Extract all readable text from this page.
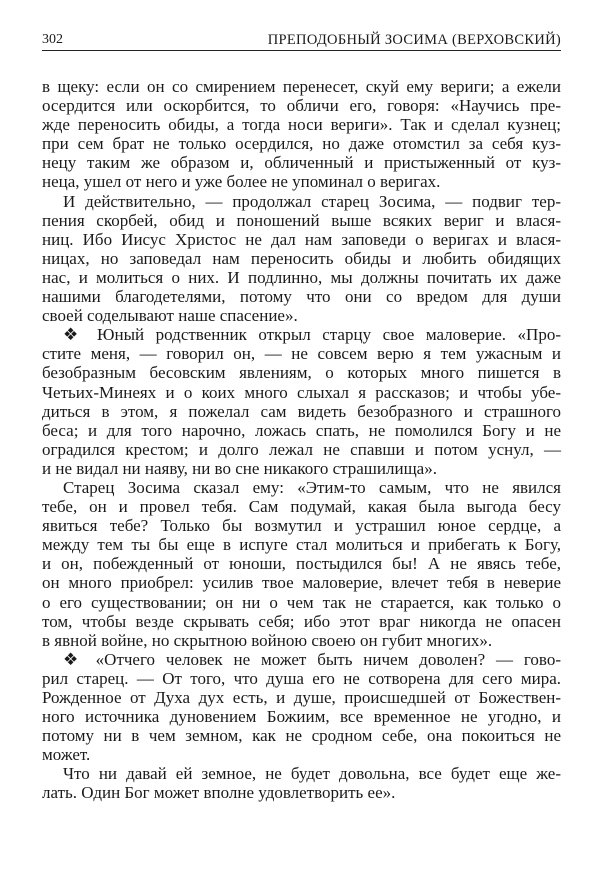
302	ПРЕПОДОБНЫЙ ЗОСИМА (ВЕРХОВСКИЙ)
в щеку: если он со смирением перенесет, скуй ему вериги; а ежели
осердится или оскорбится, то обличи его, говоря: «Научись пре-
жде переносить обиды, а тогда носи вериги». Так и сделал кузнец;
при сем брат не только осердился, но даже отомстил за себя куз-
нецу таким же образом и, обличенный и пристыженный от куз-
неца, ушел от него и уже более не упоминал о веригах.
И действительно, — продолжал старец Зосима, — подвиг тер-
пения скорбей, обид и поношений выше всяких вериг и влася-
ниц. Ибо Иисус Христос не дал нам заповеди о веригах и влася-
ницах, но заповедал нам переносить обиды и любить обидящих
нас, и молиться о них. И подлинно, мы должны почитать их даже
нашими благодетелями, потому что они со вредом для души
своей соделывают наше спасение».
❖ Юный родственник открыл старцу свое маловерие. «Про-
стите меня, — говорил он, — не совсем верю я тем ужасным и
безобразным бесовским явлениям, о которых много пишется в
Четьих-Минеях и о коих много слыхал я рассказов; и чтобы убе-
диться в этом, я пожелал сам видеть безобразного и страшного
беса; и для того нарочно, ложась спать, не помолился Богу и не
оградился крестом; и долго лежал не спавши и потом уснул, —
и не видал ни наяву, ни во сне никакого страшилища».
Старец Зосима сказал ему: «Этим-то самым, что не явился
тебе, он и провел тебя. Сам подумай, какая была выгода бесу
явиться тебе? Только бы возмутил и устрашил юное сердце, а
между тем ты бы еще в испуге стал молиться и прибегать к Богу,
и он, побежденный от юноши, постыдился бы! А не явясь тебе,
он много приобрел: усилив твое маловерие, влечет тебя в неверие
о его существовании; он ни о чем так не старается, как только о
том, чтобы везде скрывать себя; ибо этот враг никогда не опасен
в явной войне, но скрытною войною своею он губит многих».
❖ «Отчего человек не может быть ничем доволен? — гово-
рил старец. — От того, что душа его не сотворена для сего мира.
Рожденное от Духа дух есть, и душе, происшедшей от Божествен-
ного источника дуновением Божиим, все временное не угодно, и
потому ни в чем земном, как не сродном себе, она покоиться не
может.
Что ни давай ей земное, не будет довольна, все будет еще же-
лать. Один Бог может вполне удовлетворить ее».
